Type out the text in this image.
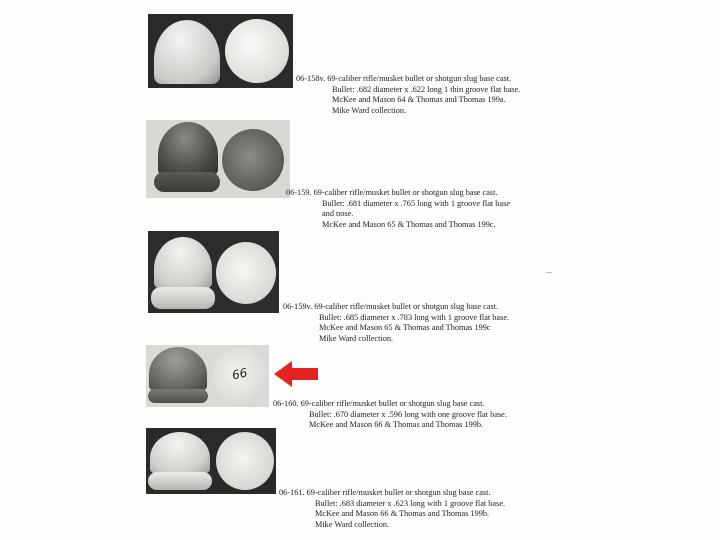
06-158v. 69-caliber rifle/musket bullet or shotgun slug base cast.
Bullet: .682 diameter x .622 long 1 thin groove flat base.
McKee and Mason 64 & Thomas and Thomas 199a.
Mike Ward collection.
06-159. 69-caliber rifle/musket bullet or shotgun slug base cast.
Bullet: .681 diameter x .765 long with 1 groove flat base
and nose.
McKee and Mason 65 & Thomas and Thomas 199c.
06-159v. 69-caliber rifle/musket bullet or shotgun slug base cast.
Bullet: .685 diameter x .783 long with 1 groove flat base.
McKee and Mason 65 & Thomas and Thomas 199c
Mike Ward collection.
66
06-160. 69-caliber rifle/musket bullet or shotgun slug base cast.
Bullet: .670 diameter x .596 long with one groove flat base.
McKee and Mason 66 & Thomas and Thomas 199b.
06-161. 69-caliber rifle/musket bullet or shotgun slug base cast.
Bullet: .683 diameter x .623 long with 1 groove flat base.
McKee and Mason 66 & Thomas and Thomas 199b.
Mike Ward collection.
